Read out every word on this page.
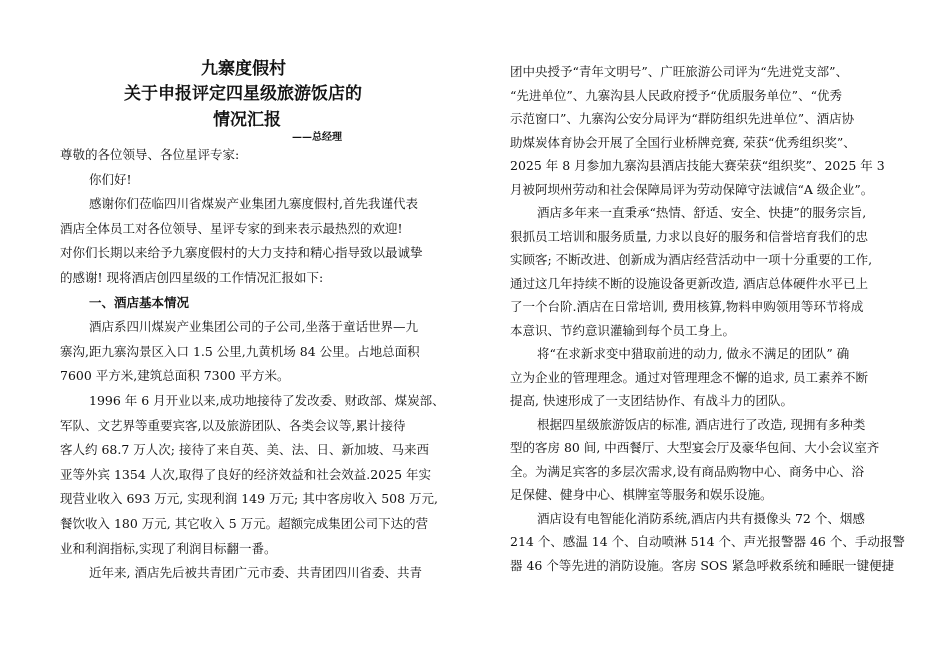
九寨度假村
关于申报评定四星级旅游饭店的
情况汇报
——总经理
尊敬的各位领导、各位星评专家:
你们好!
感谢你们莅临四川省煤炭产业集团九寨度假村,首先我谨代表
酒店全体员工对各位领导、星评专家的到来表示最热烈的欢迎!
对你们长期以来给予九寨度假村的大力支持和精心指导致以最诚挚
的感谢! 现将酒店创四星级的工作情况汇报如下:
一、酒店基本情况
酒店系四川煤炭产业集团公司的子公司,坐落于童话世界—九
寨沟,距九寨沟景区入口 1.5 公里,九黄机场 84 公里。占地总面积
7600 平方米,建筑总面积 7300 平方米。
1996 年 6 月开业以来,成功地接待了发改委、财政部、煤炭部、
军队、文艺界等重要宾客,以及旅游团队、各类会议等,累计接待
客人约 68.7 万人次; 接待了来自英、美、法、日、新加坡、马来西
亚等外宾 1354 人次,取得了良好的经济效益和社会效益.2025 年实
现营业收入 693 万元, 实现利润 149 万元; 其中客房收入 508 万元,
餐饮收入 180 万元, 其它收入 5 万元。超额完成集团公司下达的营
业和利润指标,实现了利润目标翻一番。
近年来, 酒店先后被共青团广元市委、共青团四川省委、共青
团中央授予“青年文明号”、广旺旅游公司评为“先进党支部”、
“先进单位”、九寨沟县人民政府授予“优质服务单位”、“优秀
示范窗口”、九寨沟公安分局评为“群防组织先进单位”、酒店协
助煤炭体育协会开展了全国行业桥牌竞赛, 荣获“优秀组织奖”、
2025 年 8 月参加九寨沟县酒店技能大赛荣获“组织奖”、2025 年 3
月被阿坝州劳动和社会保障局评为劳动保障守法诚信“A 级企业”。
酒店多年来一直秉承“热情、舒适、安全、快捷”的服务宗旨,
狠抓员工培训和服务质量, 力求以良好的服务和信誉培育我们的忠
实顾客; 不断改进、创新成为酒店经营活动中一项十分重要的工作,
通过这几年持续不断的设施设备更新改造, 酒店总体硬件水平已上
了一个台阶.酒店在日常培训, 费用核算,物料申购领用等环节将成
本意识、节约意识灌输到每个员工身上。
将“在求新求变中猎取前进的动力, 做永不满足的团队” 确
立为企业的管理理念。通过对管理理念不懈的追求, 员工素养不断
提高, 快速形成了一支团结协作、有战斗力的团队。
根据四星级旅游饭店的标准, 酒店进行了改造, 现拥有多种类
型的客房 80 间, 中西餐厅、大型宴会厅及豪华包间、大小会议室齐
全。为满足宾客的多层次需求,设有商品购物中心、商务中心、浴
足保健、健身中心、棋牌室等服务和娱乐设施。
酒店设有电智能化消防系统,酒店内共有摄像头 72 个、烟感
214 个、感温 14 个、自动喷淋 514 个、声光报警器 46 个、手动报警
器 46 个等先进的消防设施。客房 SOS 紧急呼救系统和睡眠一键便捷
